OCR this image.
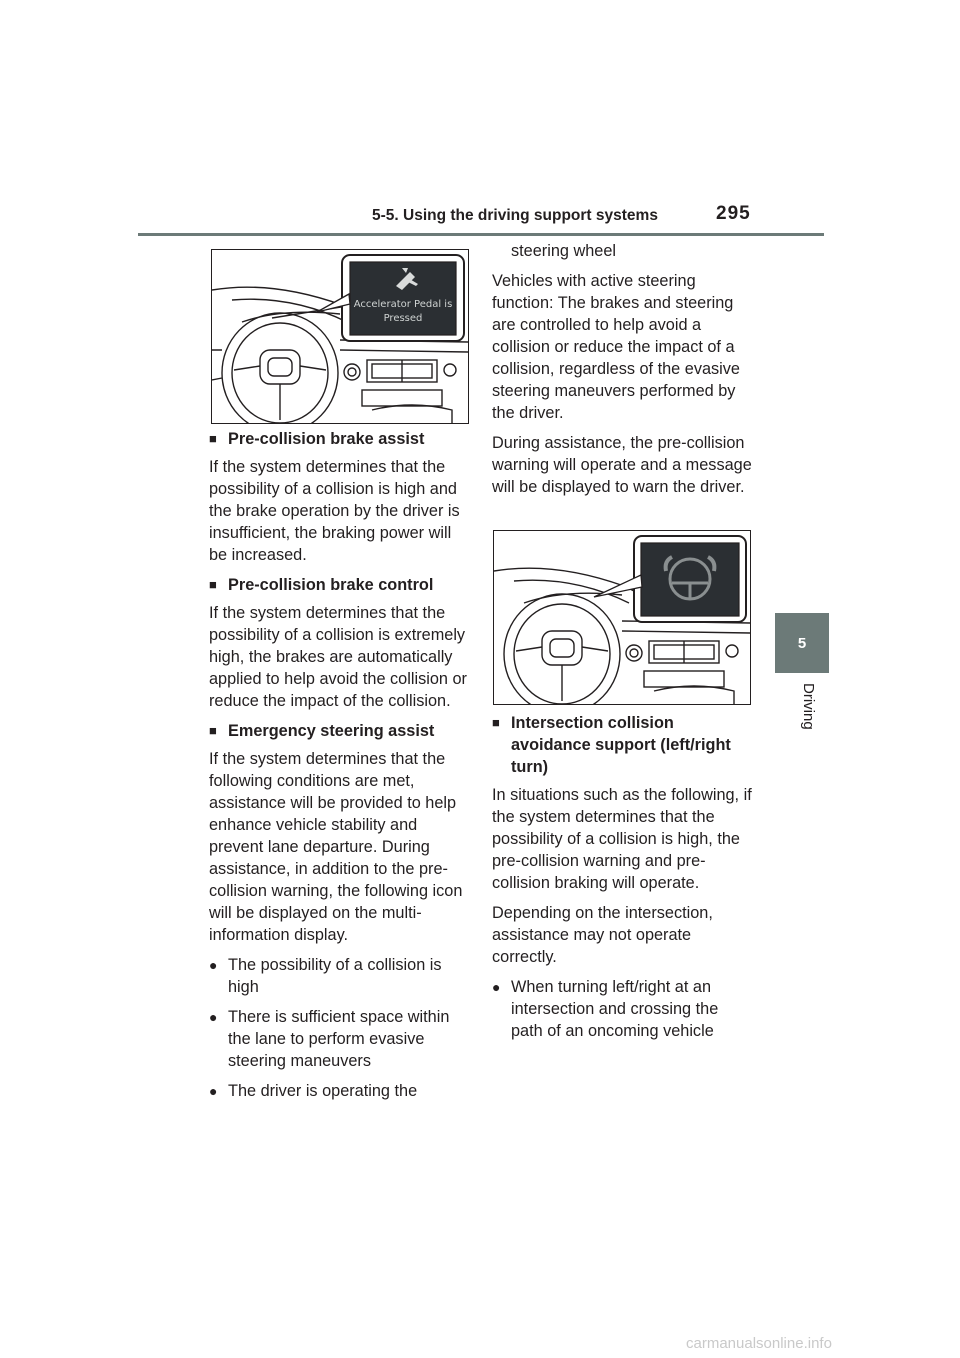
5-5. Using the driving support systems	295
5
Driving
Accelerator Pedal is
Pressed
■ Pre-collision brake assist

If the system determines that the possibility of a collision is high and the brake operation by the driver is insufficient, the braking power will be increased.

■ Pre-collision brake control

If the system determines that the possibility of a collision is extremely high, the brakes are automatically applied to help avoid the collision or reduce the impact of the collision.

■ Emergency steering assist

If the system determines that the following conditions are met, assistance will be provided to help enhance vehicle stability and prevent lane departure. During assistance, in addition to the pre-collision warning, the following icon will be displayed on the multi-information display.

● The possibility of a collision is high
● There is sufficient space within the lane to perform evasive steering maneuvers
● The driver is operating the
steering wheel

Vehicles with active steering function: The brakes and steering are controlled to help avoid a collision or reduce the impact of a collision, regardless of the evasive steering maneuvers performed by the driver.

During assistance, the pre-collision warning will operate and a message will be displayed to warn the driver.

■ Intersection collision avoidance support (left/right turn)

In situations such as the following, if the system determines that the possibility of a collision is high, the pre-collision warning and pre-collision braking will operate.

Depending on the intersection, assistance may not operate correctly.

● When turning left/right at an intersection and crossing the path of an oncoming vehicle
carmanualsonline.info
